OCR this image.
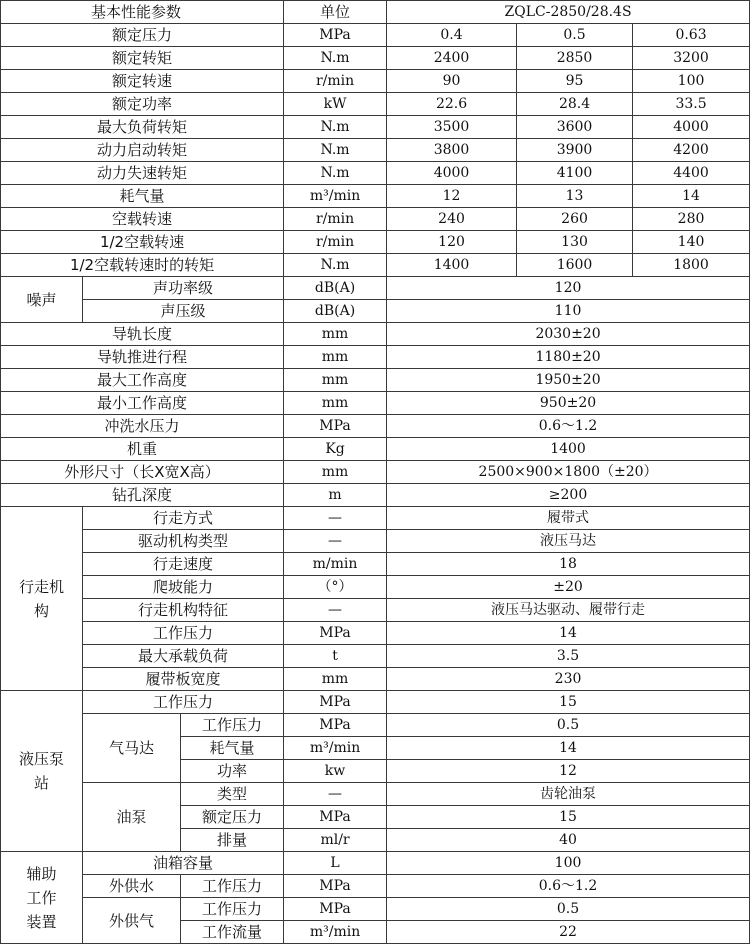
基本性能参数			单位	ZQLC-2850/28.4S		
额定压力			MPa	0.4	0.5	0.63
额定转矩			N.m	2400	2850	3200
额定转速			r/min	90	95	100
额定功率			kW	22.6	28.4	33.5
最大负荷转矩			N.m	3500	3600	4000
动力启动转矩			N.m	3800	3900	4200
动力失速转矩			N.m	4000	4100	4400
耗气量			m³/min	12	13	14
空载转速			r/min	240	260	280
1/2空载转速			r/min	120	130	140
1/2空载转速时的转矩			N.m	1400	1600	1800
噪声	声功率级		dB(A)	120		
	声压级		dB(A)	110		
导轨长度			mm	2030±20		
导轨推进行程			mm	1180±20		
最大工作高度			mm	1950±20		
最小工作高度			mm	950±20		
冲洗水压力			MPa	0.6～1.2		
机重			Kg	1400		
外形尺寸（长X宽X高）			mm	2500×900×1800（±20）		
钻孔深度			m	≥200		
行走机构	行走方式		—	履带式		
	驱动机构类型		—	液压马达		
	行走速度		m/min	18		
	爬坡能力		（°）	±20		
	行走机构特征		—	液压马达驱动、履带行走		
	工作压力		MPa	14		
	最大承载负荷		t	3.5		
	履带板宽度		mm	230		
液压泵站	工作压力		MPa	15		
	气马达	工作压力	MPa	0.5		
		耗气量	m³/min	14		
		功率	kw	12		
	油泵	类型	—	齿轮油泵		
		额定压力	MPa	15		
		排量	ml/r	40		
辅助工作装置	油箱容量		L	100		
	外供水	工作压力	MPa	0.6～1.2		
	外供气	工作压力	MPa	0.5		
		工作流量	m³/min	22		
